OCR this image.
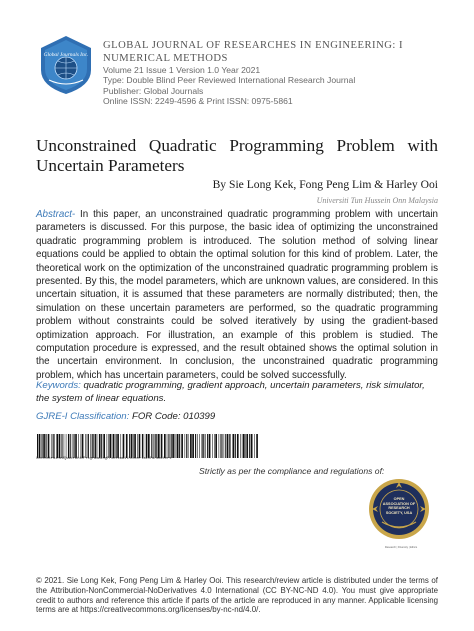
Global Journals Inc.
GLOBAL JOURNAL OF RESEARCHES IN ENGINEERING: I
NUMERICAL METHODS
Volume 21 Issue 1 Version 1.0 Year 2021
Type: Double Blind Peer Reviewed International Research Journal
Publisher: Global Journals
Online ISSN: 2249-4596 & Print ISSN: 0975-5861
Unconstrained Quadratic Programming Problem with Uncertain Parameters
By Sie Long Kek, Fong Peng Lim & Harley Ooi
Universiti Tun Hussein Onn Malaysia
Abstract- In this paper, an unconstrained quadratic programming problem with uncertain parameters is discussed. For this purpose, the basic idea of optimizing the unconstrained quadratic programming problem is introduced. The solution method of solving linear equations could be applied to obtain the optimal solution for this kind of problem. Later, the theoretical work on the optimization of the unconstrained quadratic programming problem is presented. By this, the model parameters, which are unknown values, are considered. In this uncertain situation, it is assumed that these parameters are normally distributed; then, the simulation on these uncertain parameters are performed, so the quadratic programming problem without constraints could be solved iteratively by using the gradient-based optimization approach. For illustration, an example of this problem is studied. The computation procedure is expressed, and the result obtained shows the optimal solution in the uncertain environment. In conclusion, the unconstrained quadratic programming problem, which has uncertain parameters, could be solved successfully.
Keywords: quadratic programming, gradient approach, uncertain parameters, risk simulator, the system of linear equations.
GJRE-I Classification: FOR Code: 010399
UnconstrainedQuadraticProgrammingProblemwithUncertainParameters
Strictly as per the compliance and regulations of:
OPEN ASSOCIATION OF RESEARCH SOCIETY, USA
Research | Diversity | Ethics
© 2021. Sie Long Kek, Fong Peng Lim & Harley Ooi. This research/review article is distributed under the terms of the Attribution-NonCommercial-NoDerivatives 4.0 International (CC BY-NC-ND 4.0). You must give appropriate credit to authors and reference this article if parts of the article are reproduced in any manner. Applicable licensing terms are at https://creativecommons.org/licenses/by-nc-nd/4.0/.
